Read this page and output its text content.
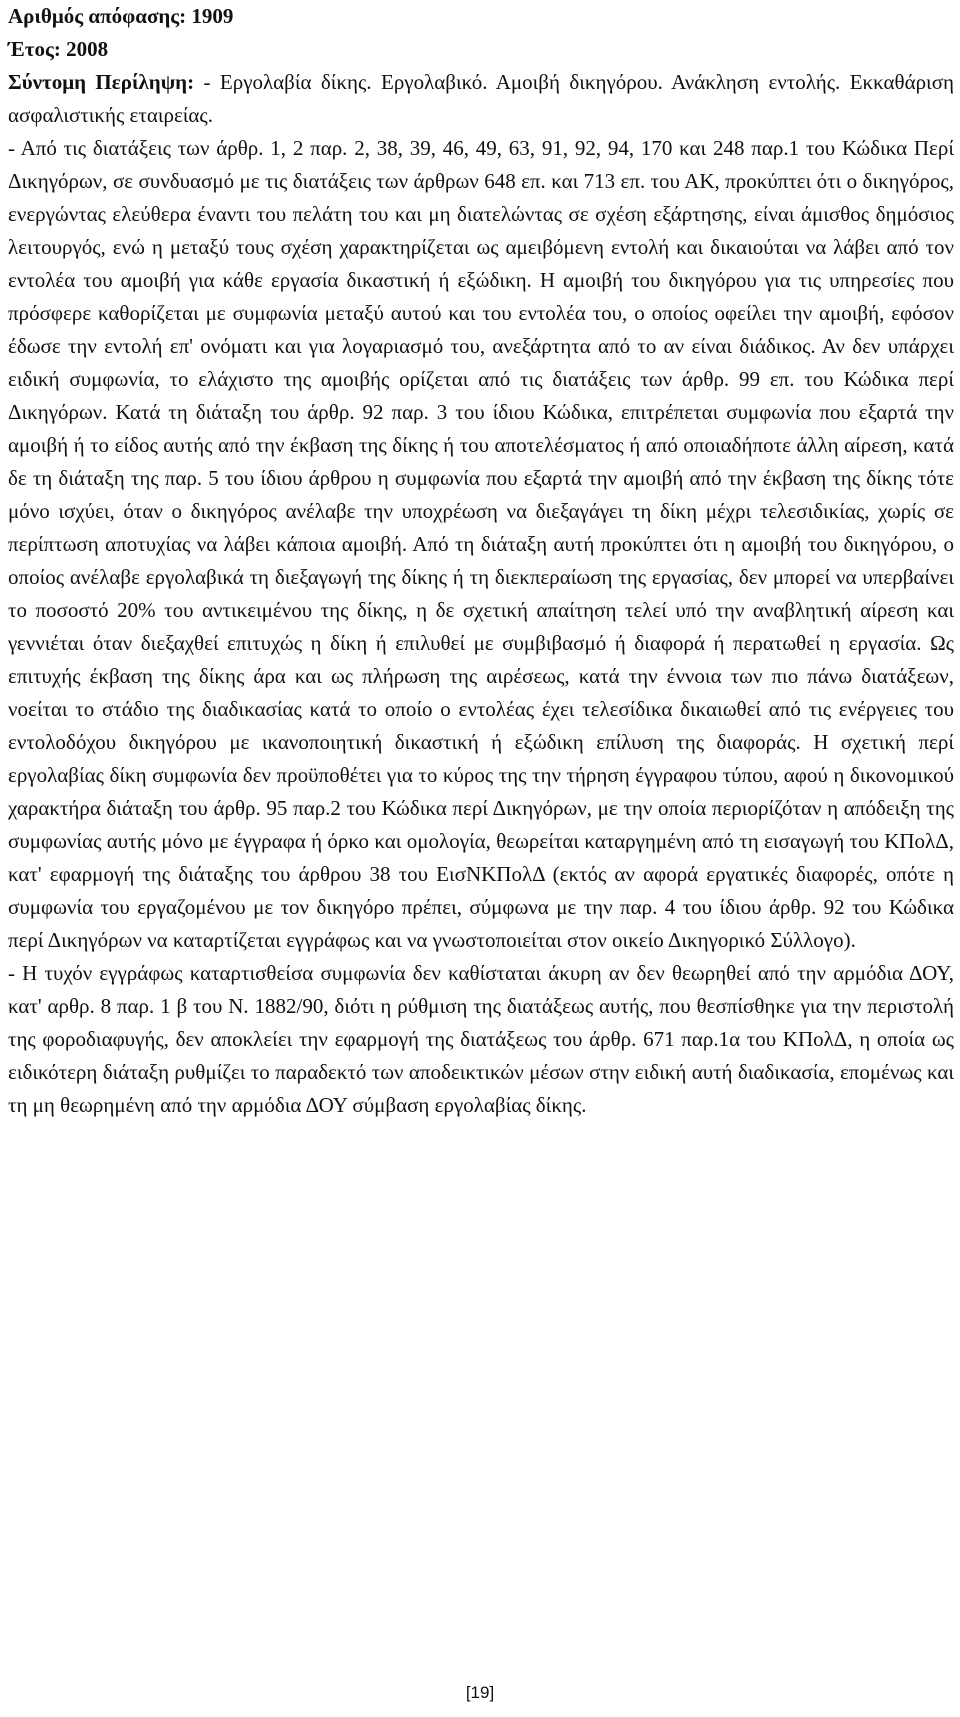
Αριθμός απόφασης: 1909
Έτος: 2008

Σύντομη Περίληψη: - Εργολαβία δίκης. Εργολαβικό. Αμοιβή δικηγόρου. Ανάκληση εντολής. Εκκαθάριση ασφαλιστικής εταιρείας.

- Από τις διατάξεις των άρθρ. 1, 2 παρ. 2, 38, 39, 46, 49, 63, 91, 92, 94, 170 και 248 παρ.1 του Κώδικα Περί Δικηγόρων, σε συνδυασμό με τις διατάξεις των άρθρων 648 επ. και 713 επ. του ΑΚ, προκύπτει ότι ο δικηγόρος, ενεργώντας ελεύθερα έναντι του πελάτη του και μη διατελώντας σε σχέση εξάρτησης, είναι άμισθος δημόσιος λειτουργός, ενώ η μεταξύ τους σχέση χαρακτηρίζεται ως αμειβόμενη εντολή και δικαιούται να λάβει από τον εντολέα του αμοιβή για κάθε εργασία δικαστική ή εξώδικη. Η αμοιβή του δικηγόρου για τις υπηρεσίες που πρόσφερε καθορίζεται με συμφωνία μεταξύ αυτού και του εντολέα του, ο οποίος οφείλει την αμοιβή, εφόσον έδωσε την εντολή επ' ονόματι και για λογαριασμό του, ανεξάρτητα από το αν είναι διάδικος. Αν δεν υπάρχει ειδική συμφωνία, το ελάχιστο της αμοιβής ορίζεται από τις διατάξεις των άρθρ. 99 επ. του Κώδικα περί Δικηγόρων. Κατά τη διάταξη του άρθρ. 92 παρ. 3 του ίδιου Κώδικα, επιτρέπεται συμφωνία που εξαρτά την αμοιβή ή το είδος αυτής από την έκβαση της δίκης ή του αποτελέσματος ή από οποιαδήποτε άλλη αίρεση, κατά δε τη διάταξη της παρ. 5 του ίδιου άρθρου η συμφωνία που εξαρτά την αμοιβή από την έκβαση της δίκης τότε μόνο ισχύει, όταν ο δικηγόρος ανέλαβε την υποχρέωση να διεξαγάγει τη δίκη μέχρι τελεσιδικίας, χωρίς σε περίπτωση αποτυχίας να λάβει κάποια αμοιβή. Από τη διάταξη αυτή προκύπτει ότι η αμοιβή του δικηγόρου, ο οποίος ανέλαβε εργολαβικά τη διεξαγωγή της δίκης ή τη διεκπεραίωση της εργασίας, δεν μπορεί να υπερβαίνει το ποσοστό 20% του αντικειμένου της δίκης, η δε σχετική απαίτηση τελεί υπό την αναβλητική αίρεση και γεννιέται όταν διεξαχθεί επιτυχώς η δίκη ή επιλυθεί με συμβιβασμό ή διαφορά ή περατωθεί η εργασία. Ως επιτυχής έκβαση της δίκης άρα και ως πλήρωση της αιρέσεως, κατά την έννοια των πιο πάνω διατάξεων, νοείται το στάδιο της διαδικασίας κατά το οποίο ο εντολέας έχει τελεσίδικα δικαιωθεί από τις ενέργειες του εντολοδόχου δικηγόρου με ικανοποιητική δικαστική ή εξώδικη επίλυση της διαφοράς. Η σχετική περί εργολαβίας δίκη συμφωνία δεν προϋποθέτει για το κύρος της την τήρηση έγγραφου τύπου, αφού η δικονομικού χαρακτήρα διάταξη του άρθρ. 95 παρ.2 του Κώδικα περί Δικηγόρων, με την οποία περιορίζόταν η απόδειξη της συμφωνίας αυτής μόνο με έγγραφα ή όρκο και ομολογία, θεωρείται καταργημένη από τη εισαγωγή του ΚΠολΔ, κατ' εφαρμογή της διάταξης του άρθρου 38 του ΕισΝΚΠολΔ (εκτός αν αφορά εργατικές διαφορές, οπότε η συμφωνία του εργαζομένου με τον δικηγόρο πρέπει, σύμφωνα με την παρ. 4 του ίδιου άρθρ. 92 του Κώδικα περί Δικηγόρων να καταρτίζεται εγγράφως και να γνωστοποιείται στον οικείο Δικηγορικό Σύλλογο).

- Η τυχόν εγγράφως καταρτισθείσα συμφωνία δεν καθίσταται άκυρη αν δεν θεωρηθεί από την αρμόδια ΔΟΥ, κατ' αρθρ. 8 παρ. 1 β του Ν. 1882/90, διότι η ρύθμιση της διατάξεως αυτής, που θεσπίσθηκε για την περιστολή της φοροδιαφυγής, δεν αποκλείει την εφαρμογή της διατάξεως του άρθρ. 671 παρ.1α του ΚΠολΔ, η οποία ως ειδικότερη διάταξη ρυθμίζει το παραδεκτό των αποδεικτικών μέσων στην ειδική αυτή διαδικασία, επομένως και τη μη θεωρημένη από την αρμόδια ΔΟΥ σύμβαση εργολαβίας δίκης.

[19]
